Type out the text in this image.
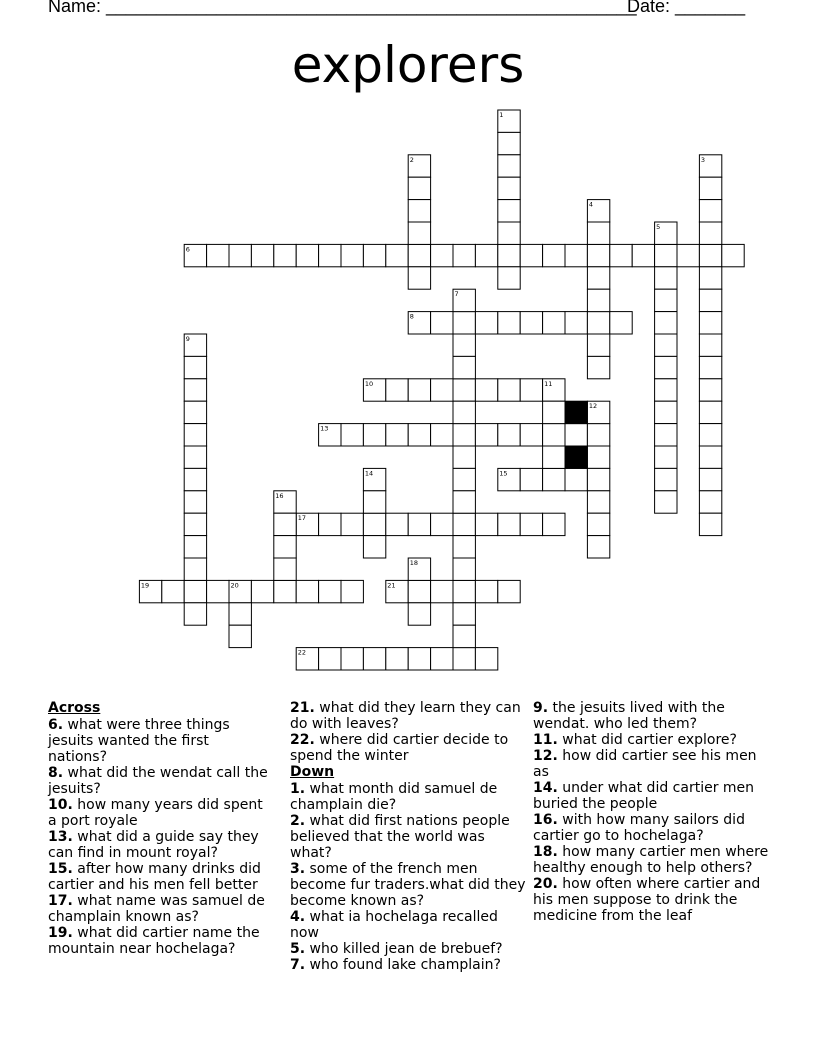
Name: _____________________________________________________
Date: _______
explorers
6
8
10
13
15
17
19	20	21
22
1
2	3
4
5
7
9
11
12
14
16
18
Across
6. what were three things jesuits wanted the first nations?
8. what did the wendat call the jesuits?
10. how many years did spent a port royale
13. what did a guide say they can find in mount royal?
15. after how many drinks did cartier and his men fell better
17. what name was samuel de champlain known as?
19. what did cartier name the mountain near hochelaga?
21. what did they learn they can do with leaves?
22. where did cartier decide to spend the winter
Down
1. what month did samuel de champlain die?
2. what did first nations people believed that the world was what?
3. some of the french men become fur traders.what did they become known as?
4. what ia hochelaga recalled now
5. who killed jean de brebuef?
7. who found lake champlain?
9. the jesuits lived with the wendat. who led them?
11. what did cartier explore?
12. how did cartier see his men as
14. under what did cartier men buried the people
16. with how many sailors did cartier go to hochelaga?
18. how many cartier men where healthy enough to help others?
20. how often where cartier and his men suppose to drink the medicine from the leaf
